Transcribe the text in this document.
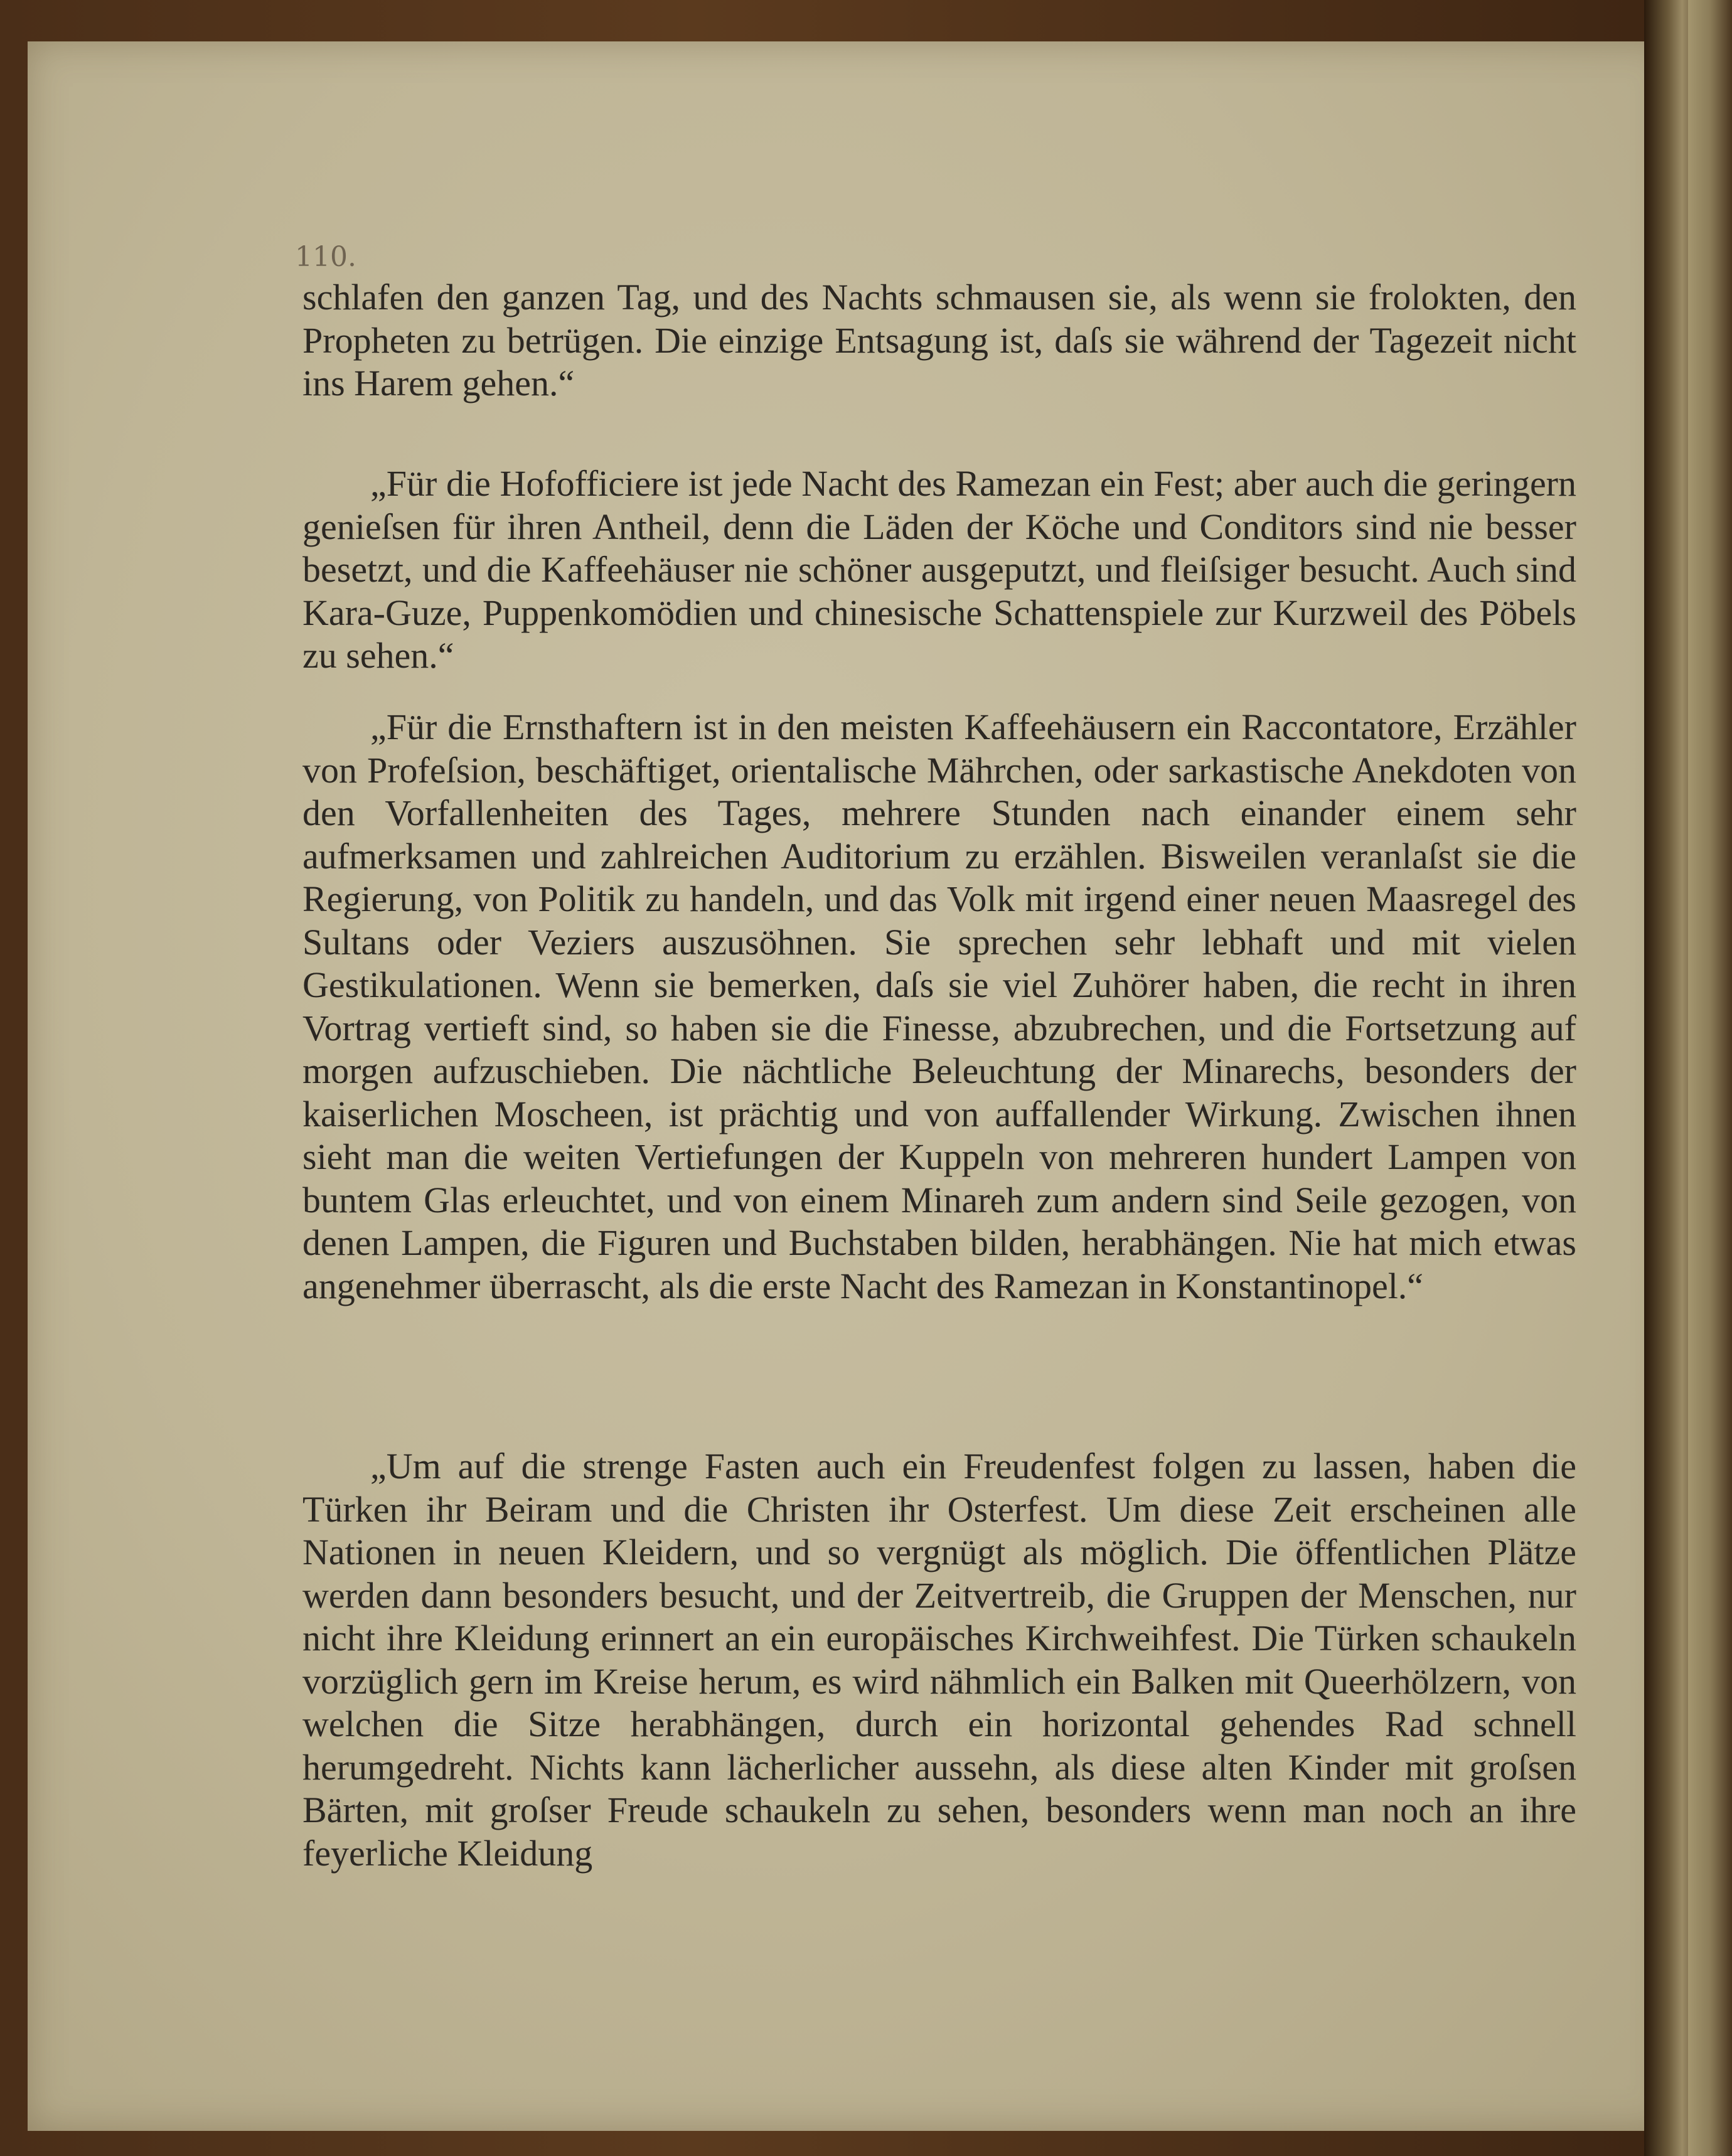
110.

schlafen den ganzen Tag, und des Nachts schmausen sie, als wenn sie frolokten, den Propheten zu betrügen. Die einzige Entsagung ist, daſs sie während der Tagezeit nicht ins Harem gehen.“

„Für die Hofofficiere ist jede Nacht des Ramezan ein Fest; aber auch die geringern genieſsen für ihren Antheil, denn die Läden der Köche und Conditors sind nie besser besetzt, und die Kaffeehäuser nie schöner ausgeputzt, und fleiſsiger besucht. Auch sind Kara-Guze, Puppenkomödien und chinesische Schattenspiele zur Kurzweil des Pöbels zu sehen.“

„Für die Ernsthaftern ist in den meisten Kaffeehäusern ein Raccontatore, Erzähler von Profeſsion, beschäftiget, orientalische Mährchen, oder sarkastische Anekdoten von den Vorfallenheiten des Tages, mehrere Stunden nach einander einem sehr aufmerksamen und zahlreichen Auditorium zu erzählen. Bisweilen veranlaſst sie die Regierung, von Politik zu handeln, und das Volk mit irgend einer neuen Maasregel des Sultans oder Veziers auszusöhnen. Sie sprechen sehr lebhaft und mit vielen Gestikulationen. Wenn sie bemerken, daſs sie viel Zuhörer haben, die recht in ihren Vortrag vertieft sind, so haben sie die Finesse, abzubrechen, und die Fortsetzung auf morgen aufzuschieben. Die nächtliche Beleuchtung der Minarechs, besonders der kaiserlichen Moscheen, ist prächtig und von auffallender Wirkung. Zwischen ihnen sieht man die weiten Vertiefungen der Kuppeln von mehreren hundert Lampen von buntem Glas erleuchtet, und von einem Minareh zum andern sind Seile gezogen, von denen Lampen, die Figuren und Buchstaben bilden, herabhängen. Nie hat mich etwas angenehmer überrascht, als die erste Nacht des Ramezan in Konstantinopel.“

„Um auf die strenge Fasten auch ein Freudenfest folgen zu lassen, haben die Türken ihr Beiram und die Christen ihr Osterfest. Um diese Zeit erscheinen alle Nationen in neuen Kleidern, und so vergnügt als möglich. Die öffentlichen Plätze werden dann besonders besucht, und der Zeitvertreib, die Gruppen der Menschen, nur nicht ihre Kleidung erinnert an ein europäisches Kirchweihfest. Die Türken schaukeln vorzüglich gern im Kreise herum, es wird nähmlich ein Balken mit Queerhölzern, von welchen die Sitze herabhängen, durch ein horizontal gehendes Rad schnell herumgedreht. Nichts kann lächerlicher aussehn, als diese alten Kinder mit groſsen Bärten, mit groſser Freude schaukeln zu sehen, besonders wenn man noch an ihre feyerliche Kleidung
